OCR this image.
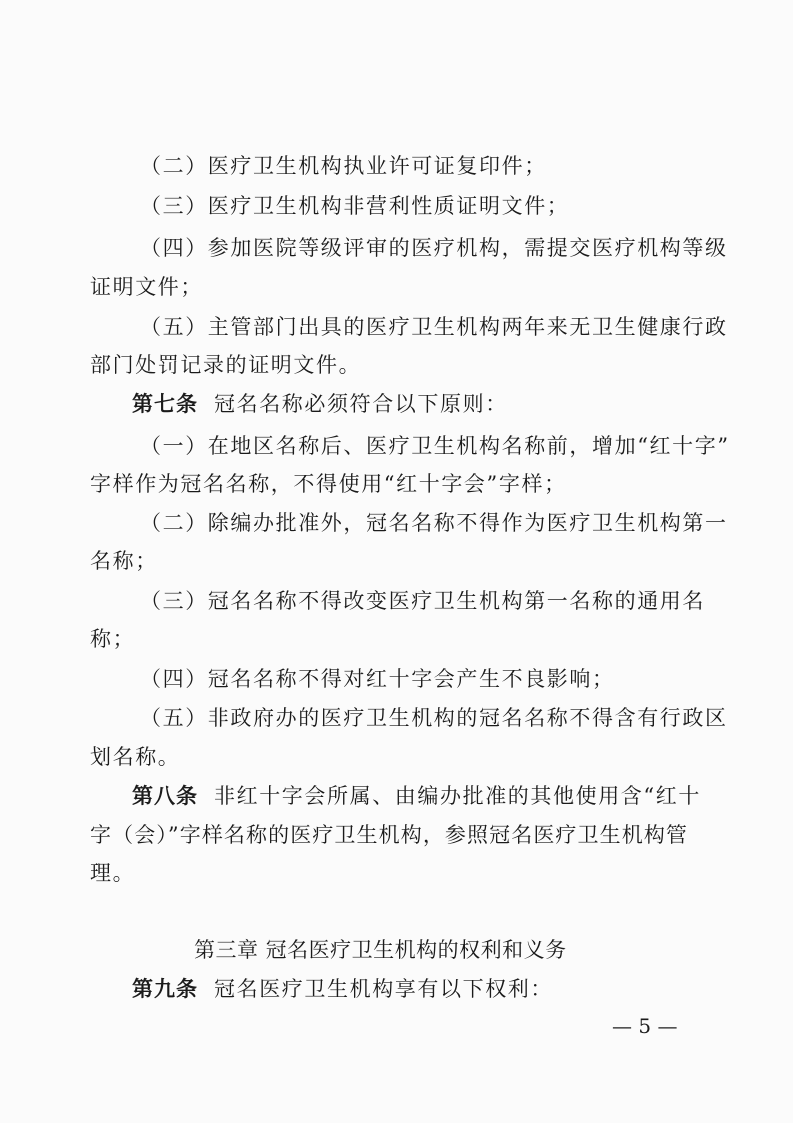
（二）医疗卫生机构执业许可证复印件；

（三）医疗卫生机构非营利性质证明文件；

（四）参加医院等级评审的医疗机构，需提交医疗机构等级

证明文件；

（五）主管部门出具的医疗卫生机构两年来无卫生健康行政

部门处罚记录的证明文件。

第七条 冠名名称必须符合以下原则：

（一）在地区名称后、医疗卫生机构名称前，增加“红十字”

字样作为冠名名称，不得使用“红十字会”字样；

（二）除编办批准外，冠名名称不得作为医疗卫生机构第一

名称；

（三）冠名名称不得改变医疗卫生机构第一名称的通用名

称；

（四）冠名名称不得对红十字会产生不良影响；

（五）非政府办的医疗卫生机构的冠名名称不得含有行政区

划名称。

第八条 非红十字会所属、由编办批准的其他使用含“红十

字（会）”字样名称的医疗卫生机构，参照冠名医疗卫生机构管

理。

第三章 冠名医疗卫生机构的权利和义务

第九条 冠名医疗卫生机构享有以下权利：

— 5 —
